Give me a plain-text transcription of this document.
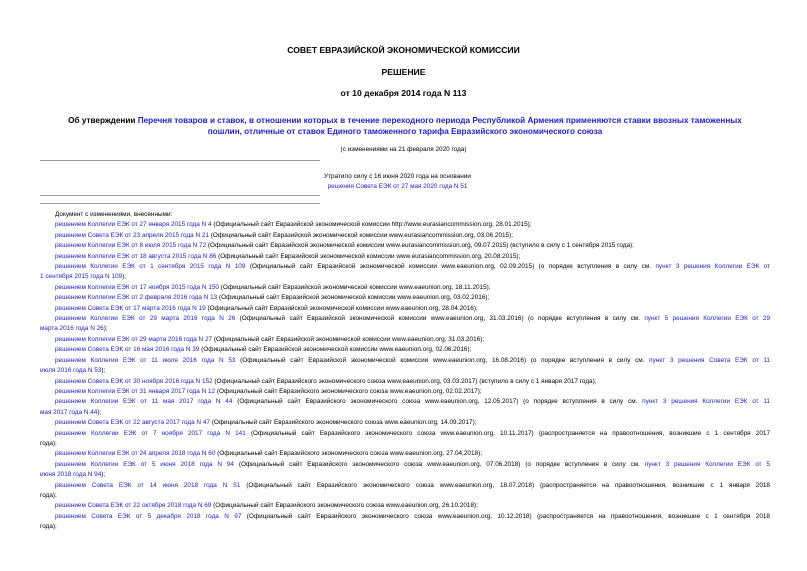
СОВЕТ ЕВРАЗИЙСКОЙ ЭКОНОМИЧЕСКОЙ КОМИССИИ
РЕШЕНИЕ
от 10 декабря 2014 года N 113
Об утверждении Перечня товаров и ставок, в отношении которых в течение переходного периода Республикой Армения применяются ставки ввозных таможенных
пошлин, отличные от ставок Единого таможенного тарифа Евразийского экономического союза
(с изменениями на 21 февраля 2020 года)
Утратило силу с 16 июня 2020 года на основании
решения Совета ЕЭК от 27 мая 2020 года N 51
Документ с изменениями, внесенными:
решением Коллегии ЕЭК от 27 января 2015 года N 4 (Официальный сайт Евразийской экономической комиссии http://www.eurasiancommission.org, 28.01.2015);
решением Совета ЕЭК от 23 апреля 2015 года N 21 (Официальный сайт Евразийской экономической комиссии www.eurasiancommission.org, 03.06.2015);
решением Коллегии ЕЭК от 8 июля 2015 года N 72 (Официальный сайт Евразийской экономической комиссии www.eurasiancommission.org, 09.07.2015) (вступило в силу с 1 сентября 2015 года);
решением Коллегии ЕЭК от 18 августа 2015 года N 86 (Официальный сайт Евразийской экономической комиссии www.eurasiancommission.org, 20.08.2015);
решением Коллегии ЕЭК от 1 сентября 2015 года N 109 (Официальный сайт Евразийской экономической комиссии www.eaeunion.org, 02.09.2015) (о порядке вступления в силу см. пункт 3 решения Коллегии ЕЭК от
1 сентября 2015 года N 109);
решением Коллегии ЕЭК от 17 ноября 2015 года N 150 (Официальный сайт Евразийской экономической комиссии www.eaeunion.org, 18.11.2015);
решением Коллегии ЕЭК от 2 февраля 2016 года N 13 (Официальный сайт Евразийской экономической комиссии www.eaeunion.org, 03.02.2016);
решением Совета ЕЭК от 17 марта 2016 года N 19 (Официальный сайт Евразийской экономической комиссии www.eaeunion.org, 28.04.2016);
решением Коллегии ЕЭК от 29 марта 2016 года N 26 (Официальный сайт Евразийской экономической комиссии www.eaeunion.org, 31.03.2016) (о порядке вступления в силу см. пункт 5 решения Коллегии ЕЭК от 29
марта 2016 года N 26);
решением Коллегии ЕЭК от 29 марта 2016 года N 27 (Официальный сайт Евразийской экономической комиссии www.eaeunion.org, 31.03.2016);
решением Совета ЕЭК от 16 мая 2016 года N 39 (Официальный сайт Евразийской экономической комиссии www.eaeunion.org, 02.06.2016);
решением Коллегии ЕЭК от 11 июля 2016 года N 53 (Официальный сайт Евразийской экономической комиссии www.eaeunion.org, 16.08.2016) (о порядке вступления в силу см. пункт 3 решения Совета ЕЭК от 11
июля 2016 года N 53);
решением Совета ЕЭК от 30 ноября 2016 года N 152 (Официальный сайт Евразийского экономического союза www.eaeunion.org, 03.03.2017) (вступило в силу с 1 января 2017 года);
решением Коллегии ЕЭК от 31 января 2017 года N 12 (Официальный сайт Евразийского экономического союза www.eaeunion.org, 02.02.2017);
решением Коллегии ЕЭК от 11 мая 2017 года N 44 (Официальный сайт Евразийского экономического союза www.eaeunion.org, 12.05.2017) (о порядке вступления в силу см. пункт 3 решения Коллегии ЕЭК от 11
мая 2017 года N 44);
решением Совета ЕЭК от 22 августа 2017 года N 47 (Официальный сайт Евразийского экономического союза www.eaeunion.org, 14.09.2017);
решением Коллегии ЕЭК от 7 ноября 2017 года N 141 (Официальный сайт Евразийского экономического союза www.eaeunion.org, 10.11.2017) (распространяется на правоотношения, возникшие с 1 сентября 2017
года);
решением Коллегии ЕЭК от 24 апреля 2018 года N 60 (Официальный сайт Евразийского экономического союза www.eaeunion.org, 27.04.2018);
решением Коллегии ЕЭК от 5 июня 2018 года N 94 (Официальный сайт Евразийского экономического союза www.eaeunion.org, 07.06.2018) (о порядке вступления в силу см. пункт 3 решения Коллегии ЕЭК от 5
июня 2018 года N 94);
решением Совета ЕЭК от 14 июня 2018 года N 51 (Официальный сайт Евразийского экономического союза www.eaeunion.org, 18.07.2018) (распространяется на правоотношения, возникшие с 1 января 2018
года);
решением Совета ЕЭК от 22 октября 2018 года N 69 (Официальный сайт Евразийского экономического союза www.eaeunion.org, 26.10.2018);
решением Совета ЕЭК от 5 декабря 2018 года N 97 (Официальный сайт Евразийского экономического союза www.eaeunion.org, 10.12.2018) (распространяется на правоотношения, возникшие с 1 сентября 2018
года);
